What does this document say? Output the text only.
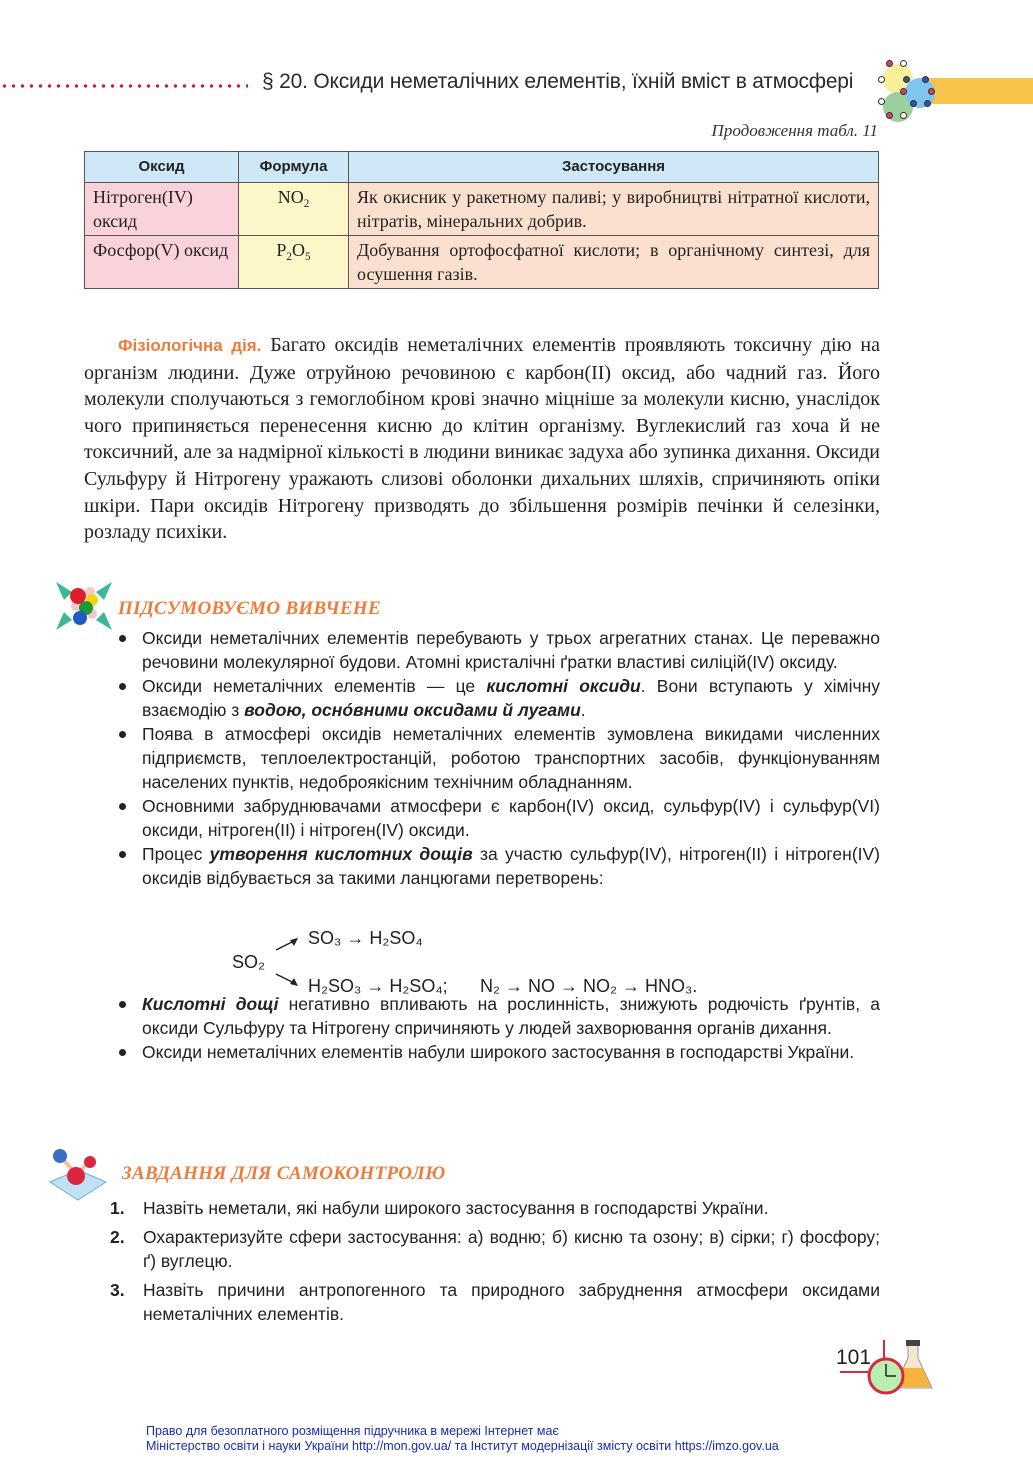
§ 20. Оксиди неметалічних елементів, їхній вміст в атмосфері
Продовження табл. 11
Оксид	Формула	Застосування
Нітроген(IV) оксид	$NO_2$	Як окисник у ракетному паливі; у виробництві нітратної кислоти, нітратів, мінеральних добрив.
Фосфор(V) оксид	$P_2O_5$	Добування ортофосфатної кислоти; в органічному синтезі, для осушення газів.

Фізіологічна дія. Багато оксидів неметалічних елементів проявляють токсичну дію на організм людини. Дуже отруйною речовиною є карбон(II) оксид, або чадний газ. Його молекули сполучаються з гемоглобіном крові значно міцніше за молекули кисню, унаслідок чого припиняється перенесення кисню до клітин організму. Вуглекислий газ хоча й не токсичний, але за надмірної кількості в людини виникає задуха або зупинка дихання. Оксиди Сульфуру й Нітрогену уражають слизові оболонки дихальних шляхів, спричиняють опіки шкіри. Пари оксидів Нітрогену призводять до збільшення розмірів печінки й селезінки, розладу психіки.

ПІДСУМОВУЄМО ВИВЧЕНЕ
Оксиди неметалічних елементів перебувають у трьох агрегатних станах. Це переважно речовини молекулярної будови. Атомні кристалічні ґратки властиві силіцій(IV) оксиду.
Оксиди неметалічних елементів — це кислотні оксиди. Вони вступають у хімічну взаємодію з водою, оснóвними оксидами й лугами.
Поява в атмосфері оксидів неметалічних елементів зумовлена викидами численних підприємств, теплоелектростанцій, роботою транспортних засобів, функціонуванням населених пунктів, недоброякісним технічним обладнанням.
Основними забруднювачами атмосфери є карбон(IV) оксид, сульфур(IV) і сульфур(VI) оксиди, нітроген(II) і нітроген(IV) оксиди.
Процес утворення кислотних дощів за участю сульфур(IV), нітроген(II) і нітроген(IV) оксидів відбувається за такими ланцюгами перетворень:
Кислотні дощі негативно впливають на рослинність, знижують родючість ґрунтів, а оксиди Сульфуру та Нітрогену спричиняють у людей захворювання органів дихання.
Оксиди неметалічних елементів набули широкого застосування в господарстві України.
SO₂
SO₃ → H₂SO₄
H₂SO₃ → H₂SO₄; N₂ → NO → NO₂ → HNO₃.
ЗАВДАННЯ ДЛЯ САМОКОНТРОЛЮ
1. Назвіть неметали, які набули широкого застосування в господарстві України.
2. Охарактеризуйте сфери застосування: а) водню; б) кисню та озону; в) сірки; г) фосфору; ґ) вуглецю.
3. Назвіть причини антропогенного та природного забруднення атмосфери оксидами неметалічних елементів.
101
Право для безоплатного розміщення підручника в мережі Інтернет має
Міністерство освіти і науки України http://mon.gov.ua/ та Інститут модернізації змісту освіти https://imzo.gov.ua
